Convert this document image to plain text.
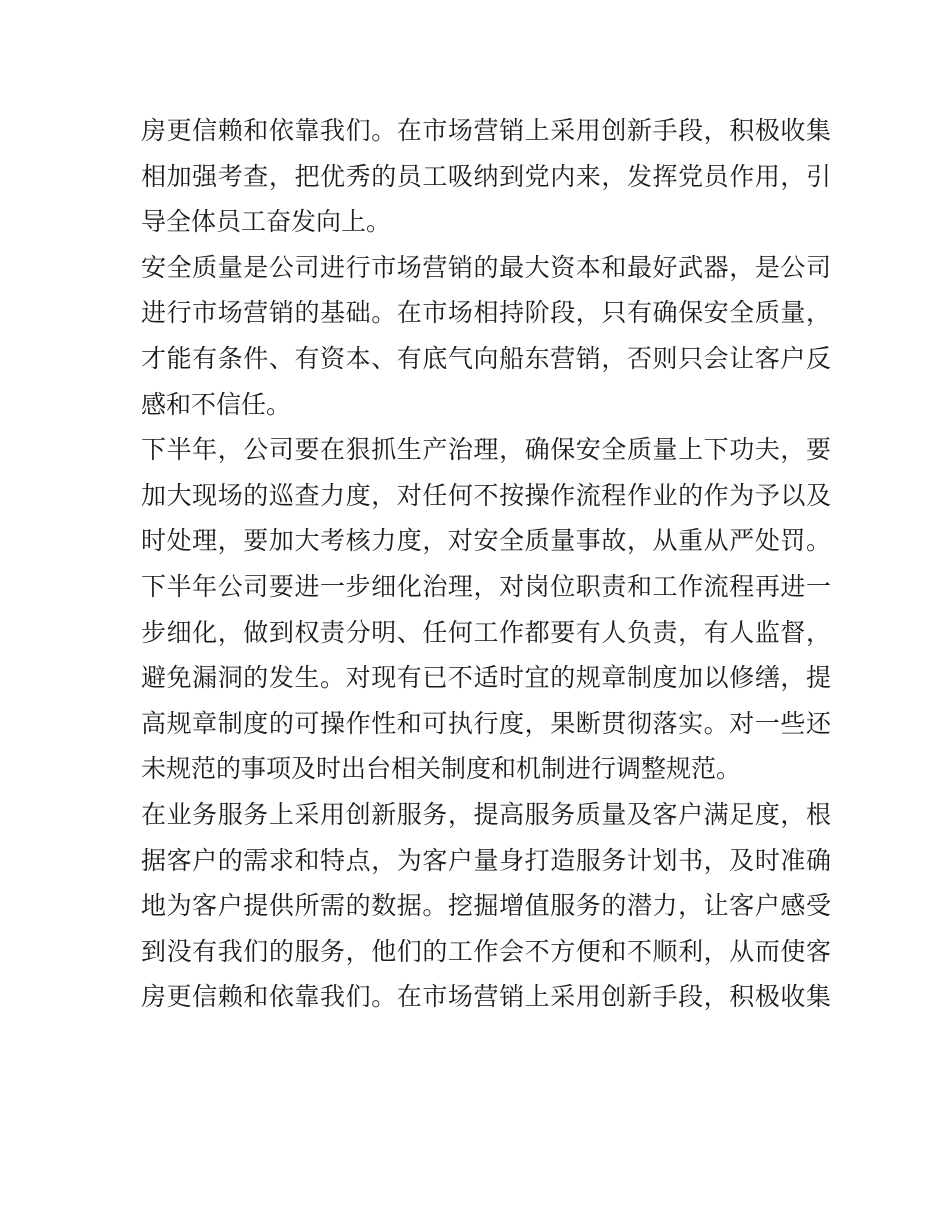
房更信赖和依靠我们。在市场营销上采用创新手段，积极收集
相加强考查，把优秀的员工吸纳到党内来，发挥党员作用，引
导全体员工奋发向上。
安全质量是公司进行市场营销的最大资本和最好武器，是公司
进行市场营销的基础。在市场相持阶段，只有确保安全质量，
才能有条件、有资本、有底气向船东营销，否则只会让客户反
感和不信任。
下半年，公司要在狠抓生产治理，确保安全质量上下功夫，要
加大现场的巡查力度，对任何不按操作流程作业的作为予以及
时处理，要加大考核力度，对安全质量事故，从重从严处罚。
下半年公司要进一步细化治理，对岗位职责和工作流程再进一
步细化，做到权责分明、任何工作都要有人负责，有人监督，
避免漏洞的发生。对现有已不适时宜的规章制度加以修缮，提
高规章制度的可操作性和可执行度，果断贯彻落实。对一些还
未规范的事项及时出台相关制度和机制进行调整规范。
在业务服务上采用创新服务，提高服务质量及客户满足度，根
据客户的需求和特点，为客户量身打造服务计划书，及时准确
地为客户提供所需的数据。挖掘增值服务的潜力，让客户感受
到没有我们的服务，他们的工作会不方便和不顺利，从而使客
房更信赖和依靠我们。在市场营销上采用创新手段，积极收集
